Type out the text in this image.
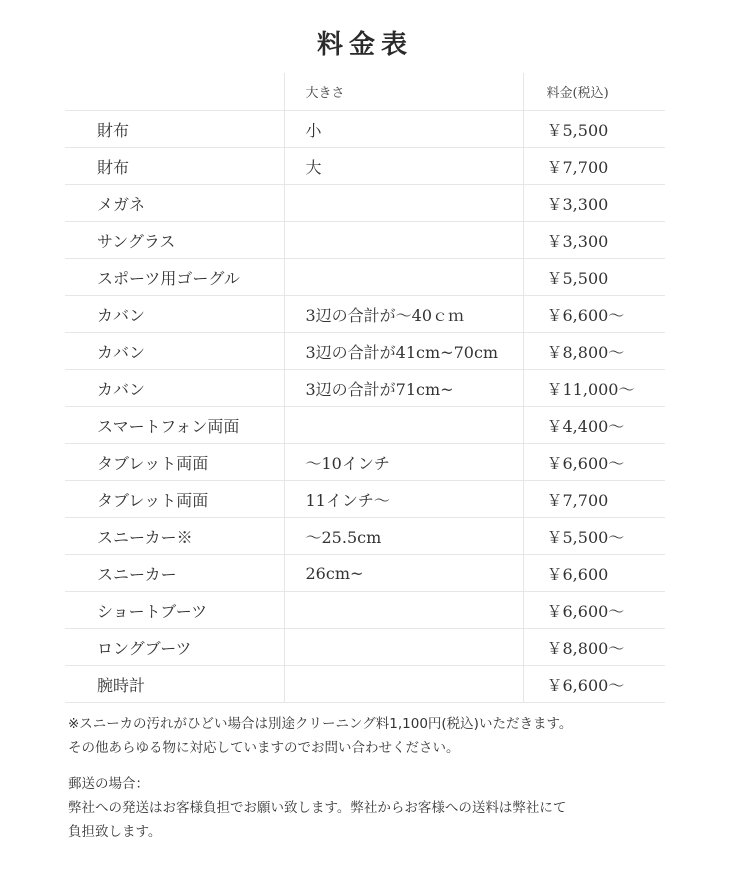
料金表
	大きさ	料金(税込)
財布	小	￥5,500
財布	大	￥7,700
メガネ		￥3,300
サングラス		￥3,300
スポーツ用ゴーグル		￥5,500
カバン	3辺の合計が〜40ｃｍ	￥6,600〜
カバン	3辺の合計が41cm~70cm	￥8,800〜
カバン	3辺の合計が71cm~	￥11,000〜
スマートフォン両面		￥4,400〜
タブレット両面	〜10インチ	￥6,600〜
タブレット両面	11インチ〜	￥7,700
スニーカー※	〜25.5cm	￥5,500〜
スニーカー	26cm~	￥6,600
ショートブーツ		￥6,600〜
ロングブーツ		￥8,800〜
腕時計		￥6,600〜

※スニーカの汚れがひどい場合は別途クリーニング料1,100円(税込)いただきます。

その他あらゆる物に対応していますのでお問い合わせください。

郵送の場合：

弊社への発送はお客様負担でお願い致します。弊社からお客様への送料は弊社にて

負担致します。
